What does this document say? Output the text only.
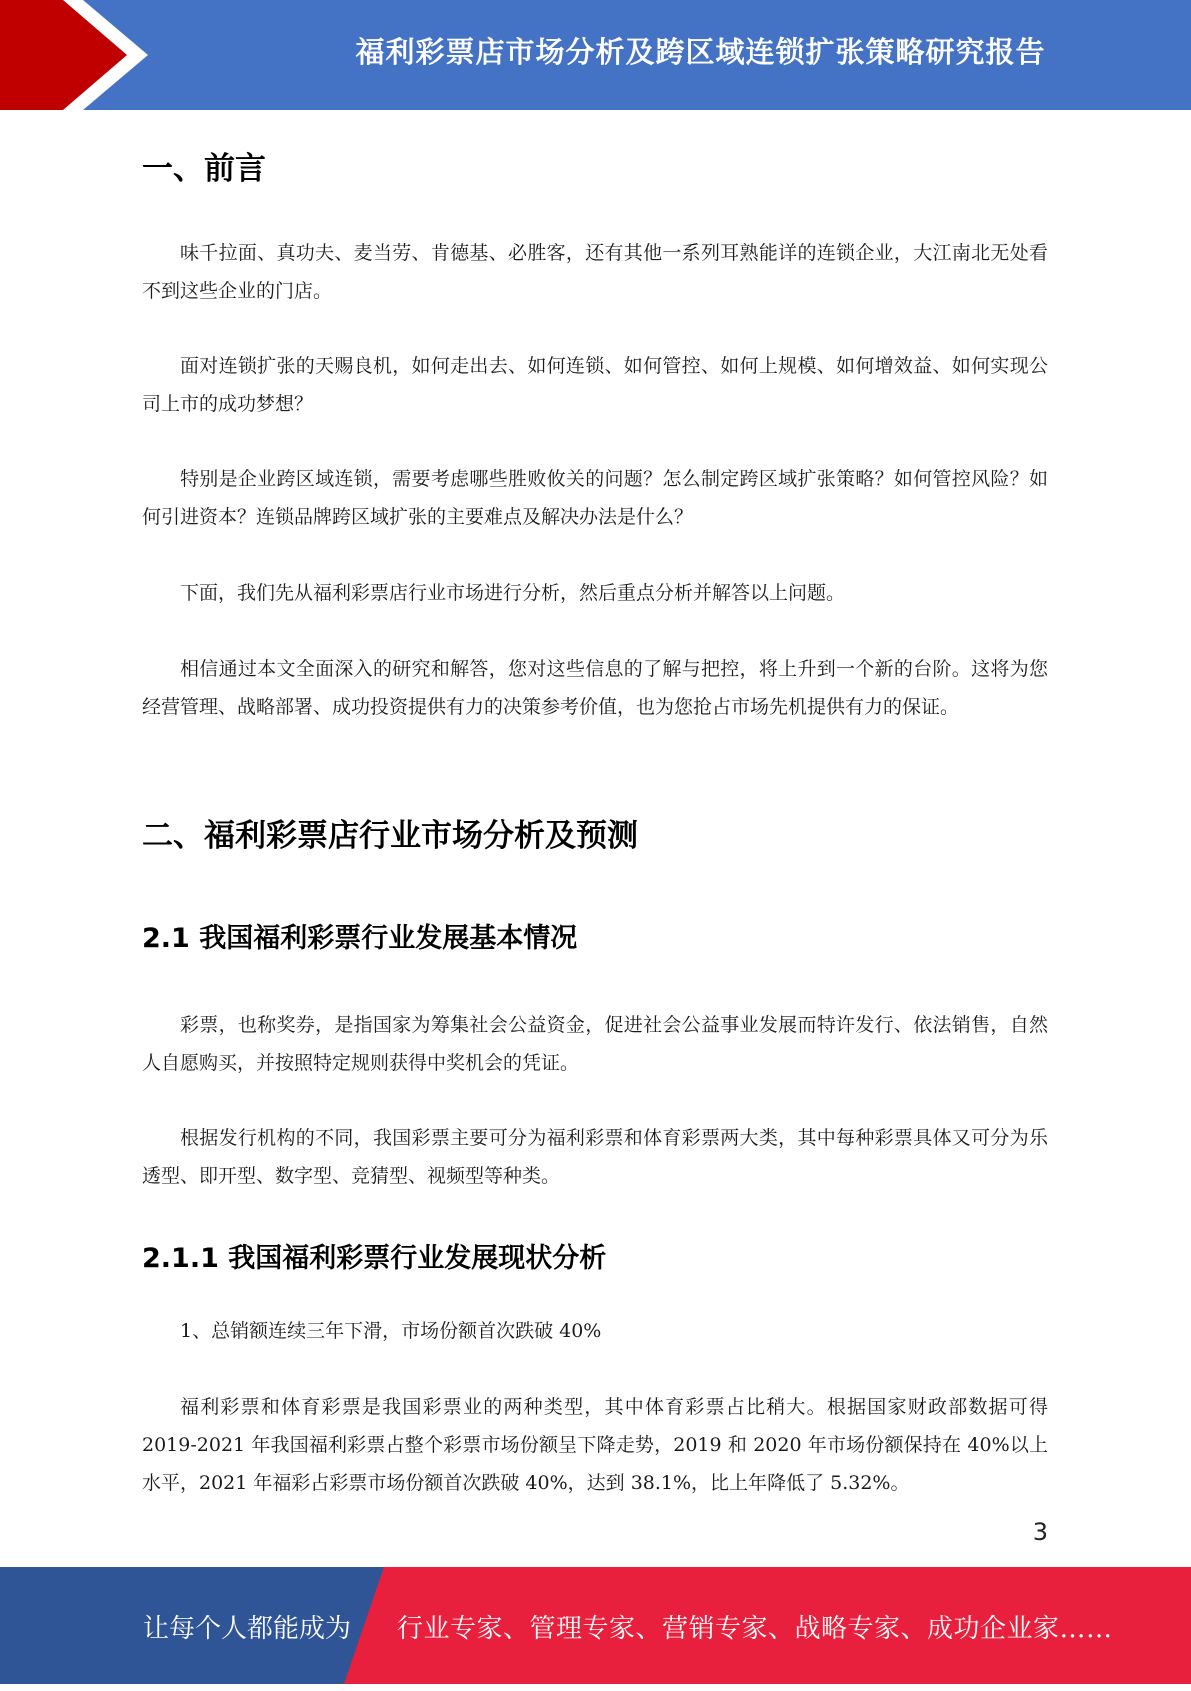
福利彩票店市场分析及跨区域连锁扩张策略研究报告
一、前言

味千拉面、真功夫、麦当劳、肯德基、必胜客，还有其他一系列耳熟能详的连锁企业，大江南北无处看不到这些企业的门店。

面对连锁扩张的天赐良机，如何走出去、如何连锁、如何管控、如何上规模、如何增效益、如何实现公司上市的成功梦想？

特别是企业跨区域连锁，需要考虑哪些胜败攸关的问题？怎么制定跨区域扩张策略？如何管控风险？如何引进资本？连锁品牌跨区域扩张的主要难点及解决办法是什么？

下面，我们先从福利彩票店行业市场进行分析，然后重点分析并解答以上问题。

相信通过本文全面深入的研究和解答，您对这些信息的了解与把控，将上升到一个新的台阶。这将为您经营管理、战略部署、成功投资提供有力的决策参考价值，也为您抢占市场先机提供有力的保证。

二、福利彩票店行业市场分析及预测
2.1 我国福利彩票行业发展基本情况

彩票，也称奖券，是指国家为筹集社会公益资金，促进社会公益事业发展而特许发行、依法销售，自然人自愿购买，并按照特定规则获得中奖机会的凭证。

根据发行机构的不同，我国彩票主要可分为福利彩票和体育彩票两大类，其中每种彩票具体又可分为乐透型、即开型、数字型、竞猜型、视频型等种类。

2.1.1 我国福利彩票行业发展现状分析

1、总销额连续三年下滑，市场份额首次跌破 40%

福利彩票和体育彩票是我国彩票业的两种类型，其中体育彩票占比稍大。根据国家财政部数据可得 2019-2021 年我国福利彩票占整个彩票市场份额呈下降走势，2019 和 2020 年市场份额保持在 40%以上水平，2021 年福彩占彩票市场份额首次跌破 40%，达到 38.1%，比上年降低了 5.32%。

3
让每个人都能成为 行业专家、管理专家、营销专家、战略专家、成功企业家……
